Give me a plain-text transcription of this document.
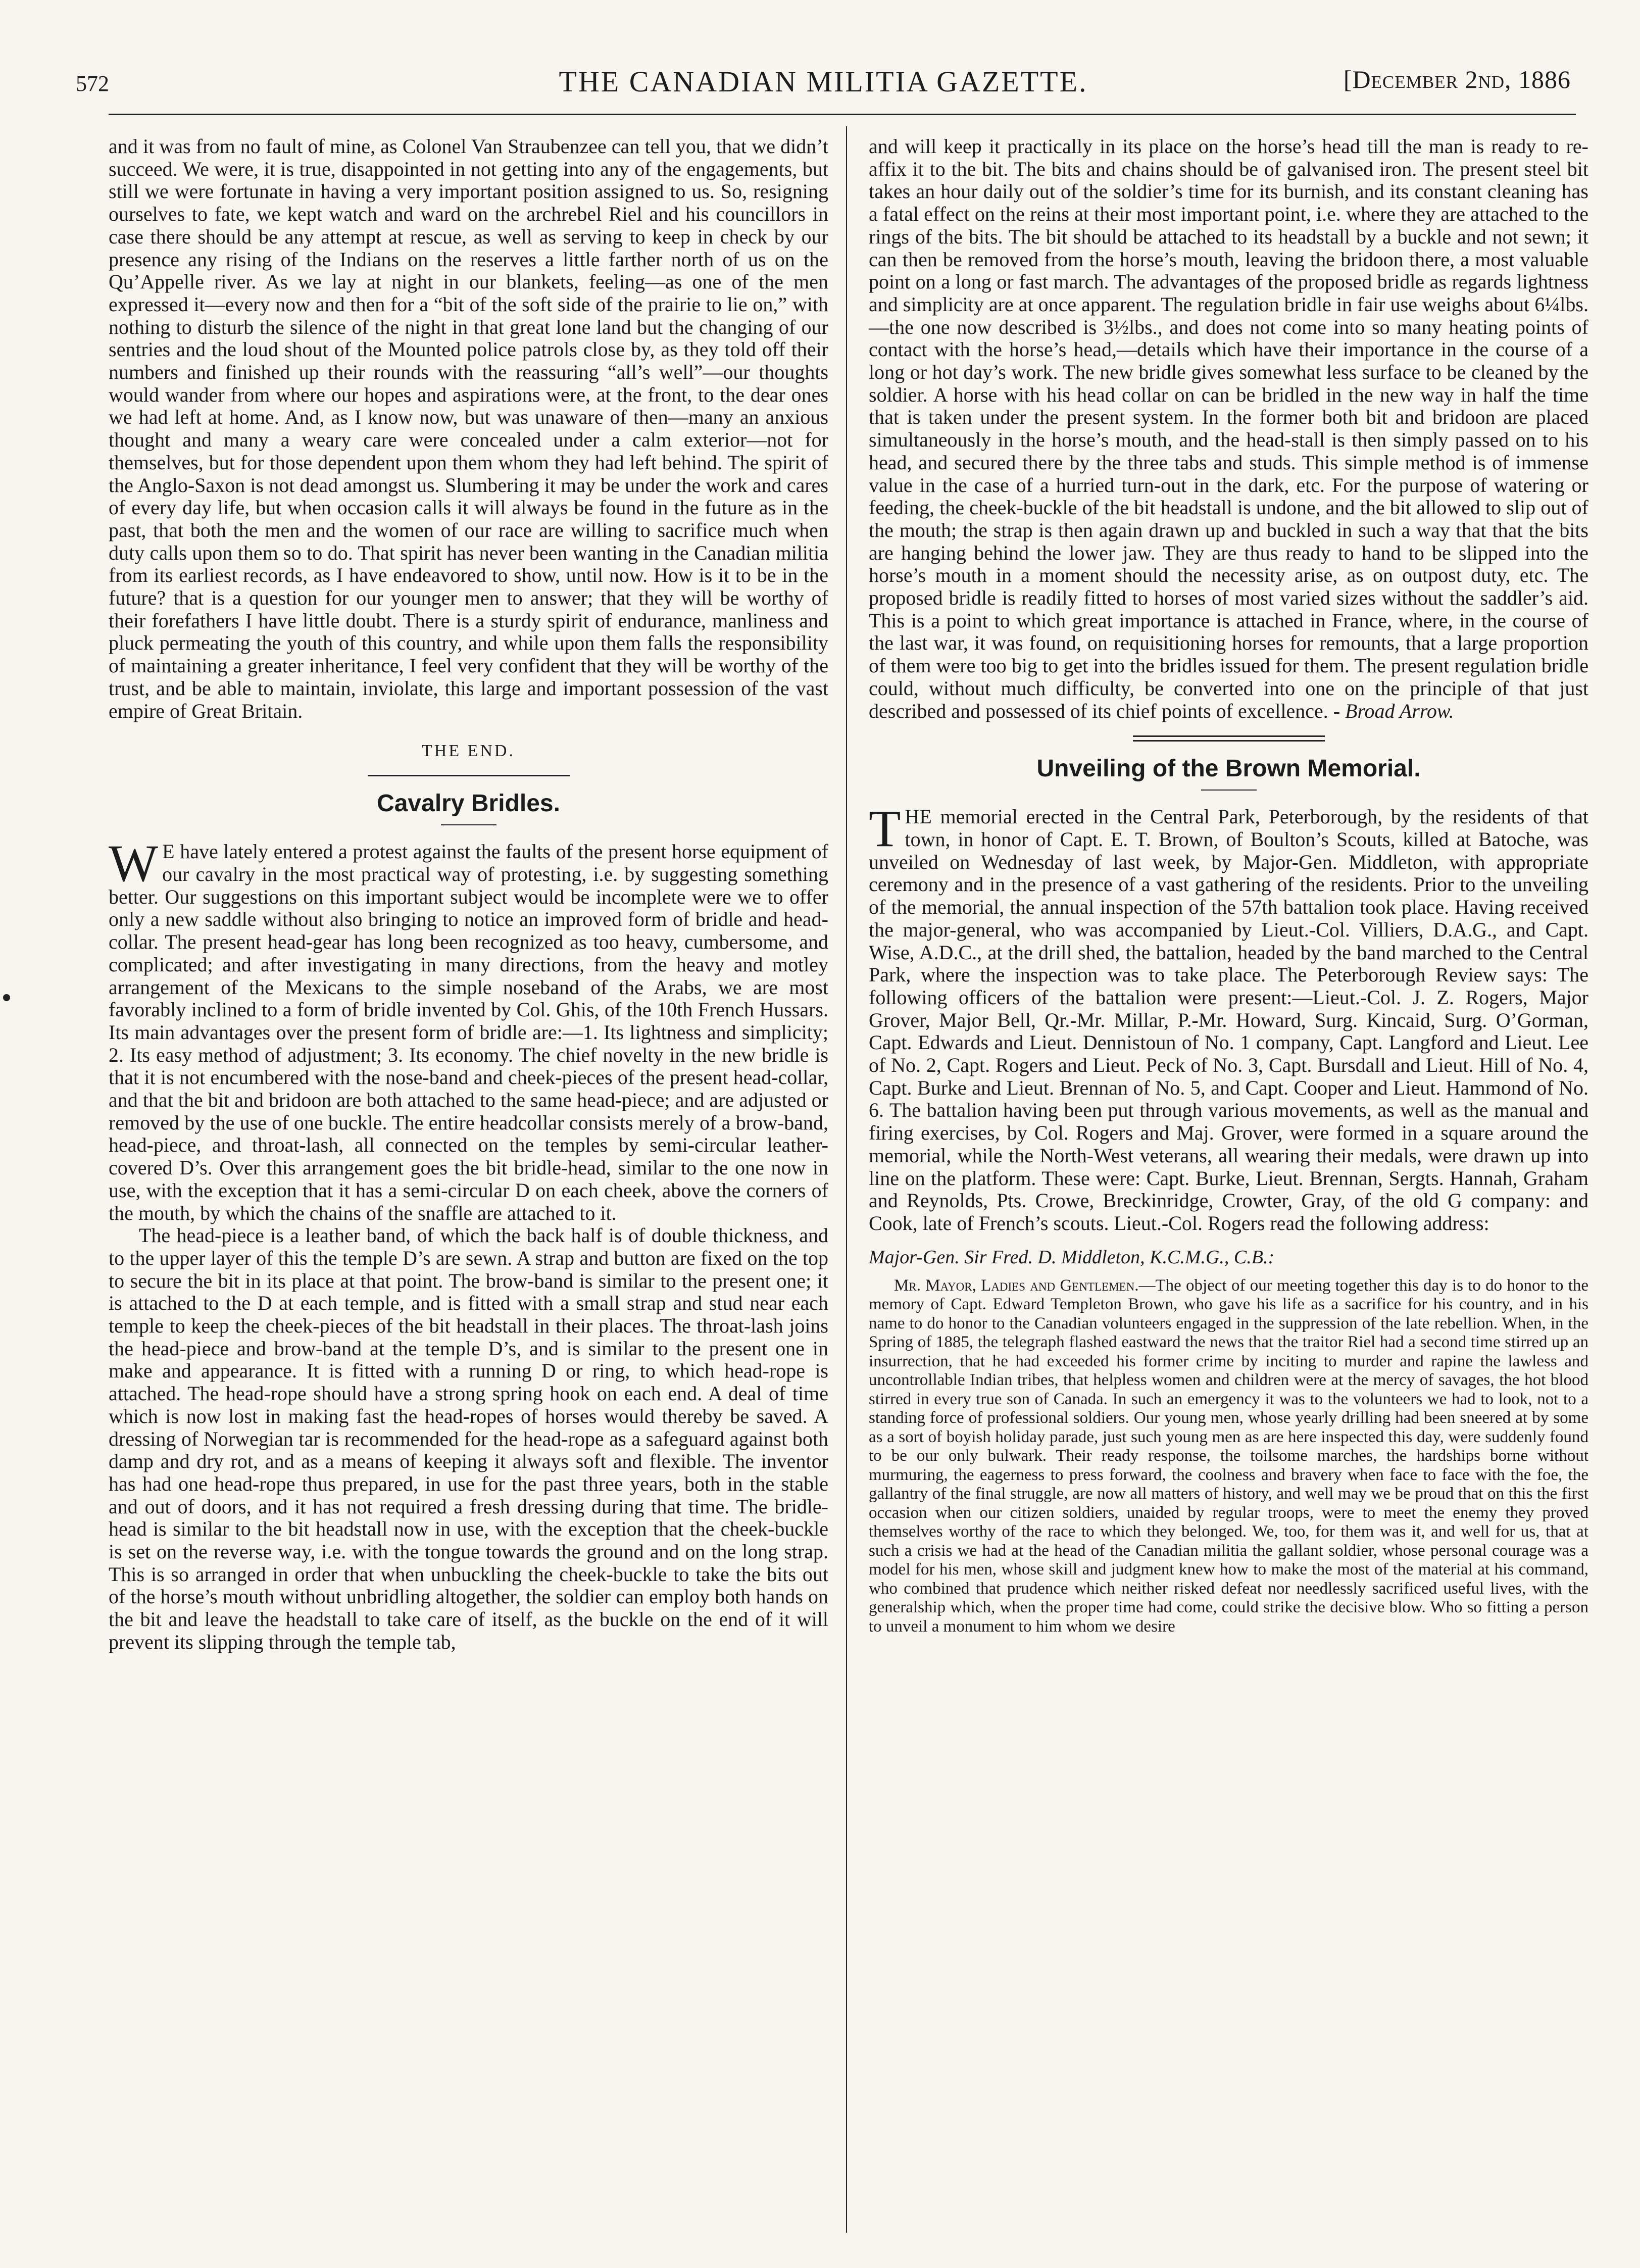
572	THE CANADIAN MILITIA GAZETTE.	[December 2nd, 1886

and it was from no fault of mine, as Colonel Van Straubenzee can tell you, that we didn’t succeed. We were, it is true, disappointed in not getting into any of the engagements, but still we were fortunate in having a very important position assigned to us. So, resigning ourselves to fate, we kept watch and ward on the archrebel Riel and his councillors in case there should be any attempt at rescue, as well as serving to keep in check by our presence any rising of the Indians on the reserves a little farther north of us on the Qu’Appelle river. As we lay at night in our blankets, feeling—as one of the men expressed it—every now and then for a “bit of the soft side of the prairie to lie on,” with nothing to disturb the silence of the night in that great lone land but the changing of our sentries and the loud shout of the Mounted police patrols close by, as they told off their numbers and finished up their rounds with the reassuring “all’s well”—our thoughts would wander from where our hopes and aspirations were, at the front, to the dear ones we had left at home. And, as I know now, but was unaware of then—many an anxious thought and many a weary care were concealed under a calm exterior—not for themselves, but for those dependent upon them whom they had left behind. The spirit of the Anglo-Saxon is not dead amongst us. Slumbering it may be under the work and cares of every day life, but when occasion calls it will always be found in the future as in the past, that both the men and the women of our race are willing to sacrifice much when duty calls upon them so to do. That spirit has never been wanting in the Canadian militia from its earliest records, as I have endeavored to show, until now. How is it to be in the future? that is a question for our younger men to answer; that they will be worthy of their forefathers I have little doubt. There is a sturdy spirit of endurance, manliness and pluck permeating the youth of this country, and while upon them falls the responsibility of maintaining a greater inheritance, I feel very confident that they will be worthy of the trust, and be able to maintain, inviolate, this large and important possession of the vast empire of Great Britain.

THE END.
Cavalry Bridles.

W E have lately entered a protest against the faults of the present horse equipment of our cavalry in the most practical way of protesting, i.e. by suggesting something better. Our suggestions on this important subject would be incomplete were we to offer only a new saddle without also bringing to notice an improved form of bridle and head-collar. The present head-gear has long been recognized as too heavy, cumbersome, and complicated; and after investigating in many directions, from the heavy and motley arrangement of the Mexicans to the simple noseband of the Arabs, we are most favorably inclined to a form of bridle invented by Col. Ghis, of the 10th French Hussars. Its main advantages over the present form of bridle are:—1. Its lightness and simplicity; 2. Its easy method of adjustment; 3. Its economy. The chief novelty in the new bridle is that it is not encumbered with the nose-band and cheek-pieces of the present head-collar, and that the bit and bridoon are both attached to the same head-piece; and are adjusted or removed by the use of one buckle. The entire headcollar consists merely of a brow-band, head-piece, and throat-lash, all connected on the temples by semi-circular leather-covered D’s. Over this arrangement goes the bit bridle-head, similar to the one now in use, with the exception that it has a semi-circular D on each cheek, above the corners of the mouth, by which the chains of the snaffle are attached to it.

The head-piece is a leather band, of which the back half is of double thickness, and to the upper layer of this the temple D’s are sewn. A strap and button are fixed on the top to secure the bit in its place at that point. The brow-band is similar to the present one; it is attached to the D at each temple, and is fitted with a small strap and stud near each temple to keep the cheek-pieces of the bit headstall in their places. The throat-lash joins the head-piece and brow-band at the temple D’s, and is similar to the present one in make and appearance. It is fitted with a running D or ring, to which head-rope is attached. The head-rope should have a strong spring hook on each end. A deal of time which is now lost in making fast the head-ropes of horses would thereby be saved. A dressing of Norwegian tar is recommended for the head-rope as a safeguard against both damp and dry rot, and as a means of keeping it always soft and flexible. The inventor has had one head-rope thus prepared, in use for the past three years, both in the stable and out of doors, and it has not required a fresh dressing during that time. The bridle-head is similar to the bit headstall now in use, with the exception that the cheek-buckle is set on the reverse way, i.e. with the tongue towards the ground and on the long strap. This is so arranged in order that when unbuckling the cheek-buckle to take the bits out of the horse’s mouth without unbridling altogether, the soldier can employ both hands on the bit and leave the headstall to take care of itself, as the buckle on the end of it will prevent its slipping through the temple tab,

and will keep it practically in its place on the horse’s head till the man is ready to re-affix it to the bit. The bits and chains should be of galvanised iron. The present steel bit takes an hour daily out of the soldier’s time for its burnish, and its constant cleaning has a fatal effect on the reins at their most important point, i.e. where they are attached to the rings of the bits. The bit should be attached to its headstall by a buckle and not sewn; it can then be removed from the horse’s mouth, leaving the bridoon there, a most valuable point on a long or fast march. The advantages of the proposed bridle as regards lightness and simplicity are at once apparent. The regulation bridle in fair use weighs about 6¼lbs. —the one now described is 3½lbs., and does not come into so many heating points of contact with the horse’s head,—details which have their importance in the course of a long or hot day’s work. The new bridle gives somewhat less surface to be cleaned by the soldier. A horse with his head collar on can be bridled in the new way in half the time that is taken under the present system. In the former both bit and bridoon are placed simultaneously in the horse’s mouth, and the head-stall is then simply passed on to his head, and secured there by the three tabs and studs. This simple method is of immense value in the case of a hurried turn-out in the dark, etc. For the purpose of watering or feeding, the cheek-buckle of the bit headstall is undone, and the bit allowed to slip out of the mouth; the strap is then again drawn up and buckled in such a way that that the bits are hanging behind the lower jaw. They are thus ready to hand to be slipped into the horse’s mouth in a moment should the necessity arise, as on outpost duty, etc. The proposed bridle is readily fitted to horses of most varied sizes without the saddler’s aid. This is a point to which great importance is attached in France, where, in the course of the last war, it was found, on requisitioning horses for remounts, that a large proportion of them were too big to get into the bridles issued for them. The present regulation bridle could, without much difficulty, be converted into one on the principle of that just described and possessed of its chief points of excellence. - Broad Arrow.

Unveiling of the Brown Memorial.

THE memorial erected in the Central Park, Peterborough, by the residents of that town, in honor of Capt. E. T. Brown, of Boulton’s Scouts, killed at Batoche, was unveiled on Wednesday of last week, by Major-Gen. Middleton, with appropriate ceremony and in the presence of a vast gathering of the residents. Prior to the unveiling of the memorial, the annual inspection of the 57th battalion took place. Having received the major-general, who was accompanied by Lieut.-Col. Villiers, D.A.G., and Capt. Wise, A.D.C., at the drill shed, the battalion, headed by the band marched to the Central Park, where the inspection was to take place. The Peterborough Review says: The following officers of the battalion were present:—Lieut.-Col. J. Z. Rogers, Major Grover, Major Bell, Qr.-Mr. Millar, P.-Mr. Howard, Surg. Kincaid, Surg. O’Gorman, Capt. Edwards and Lieut. Dennistoun of No. 1 company, Capt. Langford and Lieut. Lee of No. 2, Capt. Rogers and Lieut. Peck of No. 3, Capt. Bursdall and Lieut. Hill of No. 4, Capt. Burke and Lieut. Brennan of No. 5, and Capt. Cooper and Lieut. Hammond of No. 6. The battalion having been put through various movements, as well as the manual and firing exercises, by Col. Rogers and Maj. Grover, were formed in a square around the memorial, while the North-West veterans, all wearing their medals, were drawn up into line on the platform. These were: Capt. Burke, Lieut. Brennan, Sergts. Hannah, Graham and Reynolds, Pts. Crowe, Breckinridge, Crowter, Gray, of the old G company: and Cook, late of French’s scouts. Lieut.-Col. Rogers read the following address:

Major-Gen. Sir Fred. D. Middleton, K.C.M.G., C.B.:

Mr. Mayor, Ladies and Gentlemen.—The object of our meeting together this day is to do honor to the memory of Capt. Edward Templeton Brown, who gave his life as a sacrifice for his country, and in his name to do honor to the Canadian volunteers engaged in the suppression of the late rebellion. When, in the Spring of 1885, the telegraph flashed eastward the news that the traitor Riel had a second time stirred up an insurrection, that he had exceeded his former crime by inciting to murder and rapine the lawless and uncontrollable Indian tribes, that helpless women and children were at the mercy of savages, the hot blood stirred in every true son of Canada. In such an emergency it was to the volunteers we had to look, not to a standing force of professional soldiers. Our young men, whose yearly drilling had been sneered at by some as a sort of boyish holiday parade, just such young men as are here inspected this day, were suddenly found to be our only bulwark. Their ready response, the toilsome marches, the hardships borne without murmuring, the eagerness to press forward, the coolness and bravery when face to face with the foe, the gallantry of the final struggle, are now all matters of history, and well may we be proud that on this the first occasion when our citizen soldiers, unaided by regular troops, were to meet the enemy they proved themselves worthy of the race to which they belonged. We, too, for them was it, and well for us, that at such a crisis we had at the head of the Canadian militia the gallant soldier, whose personal courage was a model for his men, whose skill and judgment knew how to make the most of the material at his command, who combined that prudence which neither risked defeat nor needlessly sacrificed useful lives, with the generalship which, when the proper time had come, could strike the decisive blow. Who so fitting a person to unveil a monument to him whom we desire
